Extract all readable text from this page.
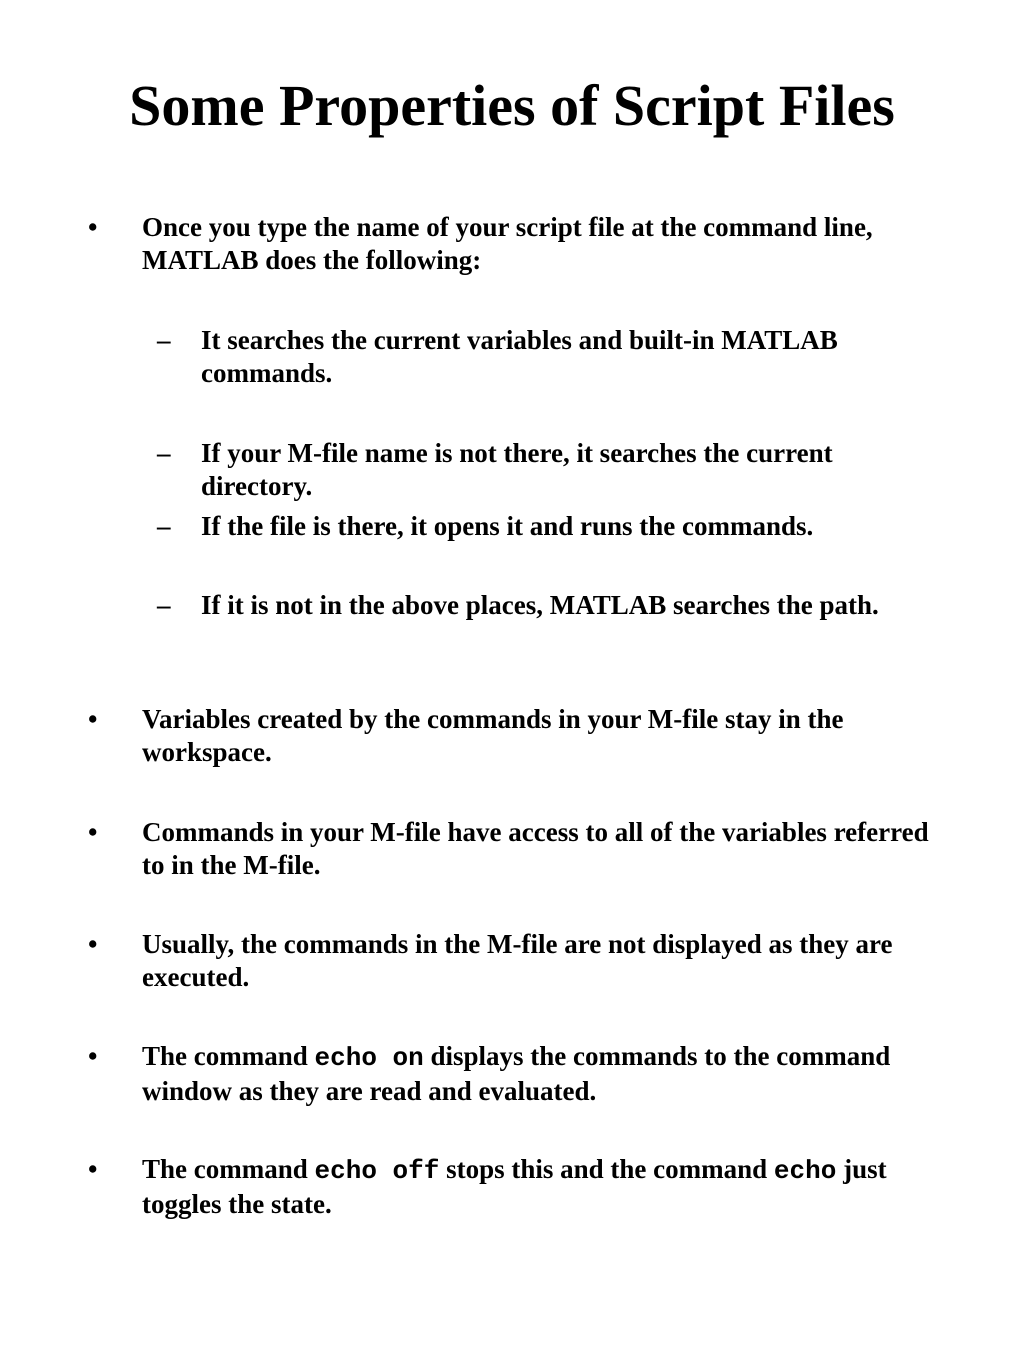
Some Properties of Script Files

• Once you type the name of your script file at the command line, MATLAB does the following:

– It searches the current variables and built-in MATLAB commands.

– If your M-file name is not there, it searches the current directory.

– If the file is there, it opens it and runs the commands.

– If it is not in the above places, MATLAB searches the path.

• Variables created by the commands in your M-file stay in the workspace.

• Commands in your M-file have access to all of the variables referred to in the M-file.

• Usually, the commands in the M-file are not displayed as they are executed.

• The command echo on displays the commands to the command window as they are read and evaluated.

• The command echo off stops this and the command echo just toggles the state.
